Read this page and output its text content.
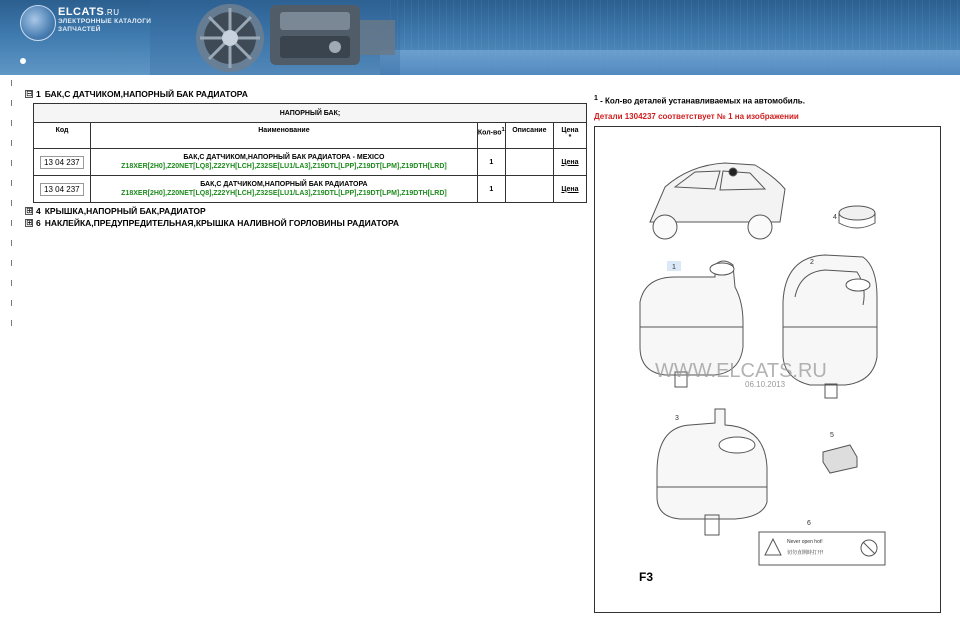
ELCATS.RU
ЭЛЕКТРОННЫЕ КАТАЛОГИ
ЗАПЧАСТЕЙ
⊟ 1 БАК,С ДАТЧИКОМ,НАПОРНЫЙ БАК РАДИАТОРА
НАПОРНЫЙ БАК;				
Код	Наименование	Кол-$во^1$	Описание	Цена
*
13 04 237	БАК,С ДАТЧИКОМ,НАПОРНЫЙ БАК РАДИАТОРА - MEXICO
Z18XER[2H0],Z20NET[LQ8],Z22YH[LCH],Z32SE[LU1/LA3],Z19DTL[LPP],Z19DT[LPM],Z19DTH[LRD]	1		Цена
13 04 237	БАК,С ДАТЧИКОМ,НАПОРНЫЙ БАК РАДИАТОРА
Z18XER[2H0],Z20NET[LQ8],Z22YH[LCH],Z32SE[LU1/LA3],Z19DTL[LPP],Z19DT[LPM],Z19DTH[LRD]	1		Цена
⊞ 4 КРЫШКА,НАПОРНЫЙ БАК,РАДИАТОР
⊞ 6 НАКЛЕЙКА,ПРЕДУПРЕДИТЕЛЬНАЯ,КРЫШКА НАЛИВНОЙ ГОРЛОВИНЫ РАДИАТОРА
$^1$ - Кол-во деталей устанавливаемых на автомобиль.
Детали 1304237 соответствует № 1 на изображении
1
2
3
4
5
6
Never open hot!
切勿直開時打开!
WWW.ELCATS.RU
06.10.2013
F3
